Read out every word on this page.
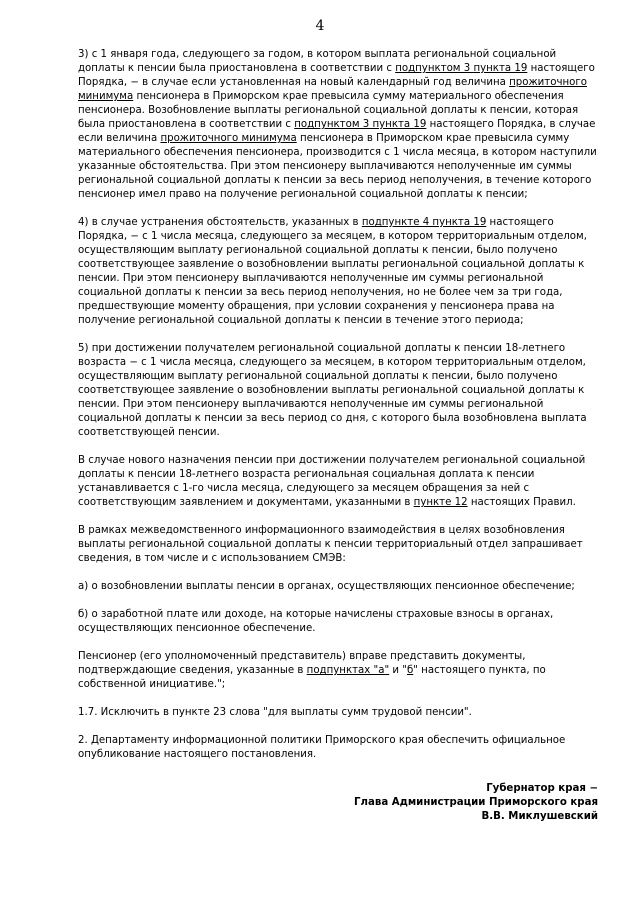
4

3) с 1 января года, следующего за годом, в котором выплата региональной социальной доплаты к пенсии была приостановлена в соответствии с подпунктом 3 пункта 19 настоящего Порядка, − в случае если установленная на новый календарный год величина прожиточного минимума пенсионера в Приморском крае превысила сумму материального обеспечения пенсионера. Возобновление выплаты региональной социальной доплаты к пенсии, которая была приостановлена в соответствии с подпунктом 3 пункта 19 настоящего Порядка, в случае если величина прожиточного минимума пенсионера в Приморском крае превысила сумму материального обеспечения пенсионера, производится с 1 числа месяца, в котором наступили указанные обстоятельства. При этом пенсионеру выплачиваются неполученные им суммы региональной социальной доплаты к пенсии за весь период неполучения, в течение которого пенсионер имел право на получение региональной социальной доплаты к пенсии;

4) в случае устранения обстоятельств, указанных в подпункте 4 пункта 19 настоящего Порядка, − с 1 числа месяца, следующего за месяцем, в котором территориальным отделом, осуществляющим выплату региональной социальной доплаты к пенсии, было получено соответствующее заявление о возобновлении выплаты региональной социальной доплаты к пенсии. При этом пенсионеру выплачиваются неполученные им суммы региональной социальной доплаты к пенсии за весь период неполучения, но не более чем за три года, предшествующие моменту обращения, при условии сохранения у пенсионера права на получение региональной социальной доплаты к пенсии в течение этого периода;

5) при достижении получателем региональной социальной доплаты к пенсии 18-летнего возраста − с 1 числа месяца, следующего за месяцем, в котором территориальным отделом, осуществляющим выплату региональной социальной доплаты к пенсии, было получено соответствующее заявление о возобновлении выплаты региональной социальной доплаты к пенсии. При этом пенсионеру выплачиваются неполученные им суммы региональной социальной доплаты к пенсии за весь период со дня, с которого была возобновлена выплата соответствующей пенсии.

В случае нового назначения пенсии при достижении получателем региональной социальной доплаты к пенсии 18-летнего возраста региональная социальная доплата к пенсии устанавливается с 1-го числа месяца, следующего за месяцем обращения за ней с соответствующим заявлением и документами, указанными в пункте 12 настоящих Правил.

В рамках межведомственного информационного взаимодействия в целях возобновления выплаты региональной социальной доплаты к пенсии территориальный отдел запрашивает сведения, в том числе и с использованием СМЭВ:

а) о возобновлении выплаты пенсии в органах, осуществляющих пенсионное обеспечение;

б) о заработной плате или доходе, на которые начислены страховые взносы в органах, осуществляющих пенсионное обеспечение.

Пенсионер (его уполномоченный представитель) вправе представить документы, подтверждающие сведения, указанные в подпунктах "а" и "б" настоящего пункта, по собственной инициативе.";

1.7. Исключить в пункте 23 слова "для выплаты сумм трудовой пенсии".

2. Департаменту информационной политики Приморского края обеспечить официальное опубликование настоящего постановления.

Губернатор края −
Глава Администрации Приморского края
В.В. Миклушевский
